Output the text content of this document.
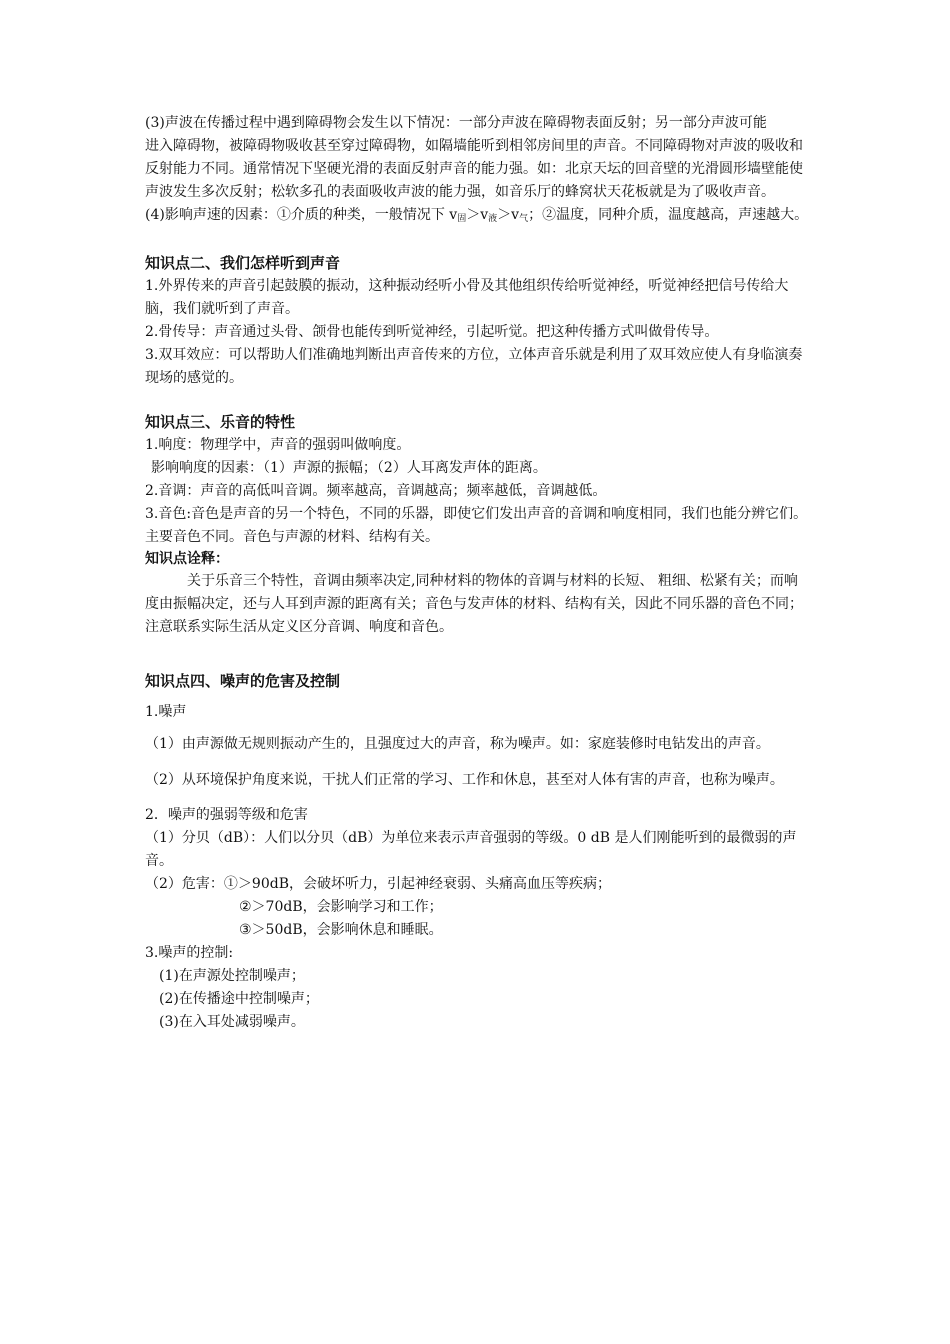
(3)声波在传播过程中遇到障碍物会发生以下情况：一部分声波在障碍物表面反射；另一部分声波可能

进入障碍物，被障碍物吸收甚至穿过障碍物，如隔墙能听到相邻房间里的声音。不同障碍物对声波的吸收和反射能力不同。通常情况下坚硬光滑的表面反射声音的能力强。如：北京天坛的回音壁的光滑圆形墙壁能使声波发生多次反射；松软多孔的表面吸收声波的能力强，如音乐厅的蜂窝状天花板就是为了吸收声音。

(4)影响声速的因素：①介质的种类，一般情况下 $v_固>v_液>v_气$；②温度，同种介质，温度越高，声速越大。

知识点二、我们怎样听到声音

1.外界传来的声音引起鼓膜的振动，这种振动经听小骨及其他组织传给听觉神经，听觉神经把信号传给大脑，我们就听到了声音。

2.骨传导：声音通过头骨、颌骨也能传到听觉神经，引起听觉。把这种传播方式叫做骨传导。

3.双耳效应：可以帮助人们准确地判断出声音传来的方位，立体声音乐就是利用了双耳效应使人有身临演奏现场的感觉的。

知识点三、乐音的特性

1.响度：物理学中，声音的强弱叫做响度。

影响响度的因素：（1）声源的振幅；（2）人耳离发声体的距离。

2.音调：声音的高低叫音调。频率越高，音调越高；频率越低，音调越低。

3.音色:音色是声音的另一个特色，不同的乐器，即使它们发出声音的音调和响度相同，我们也能分辨它们。主要音色不同。音色与声源的材料、结构有关。

知识点诠释：

关于乐音三个特性，音调由频率决定,同种材料的物体的音调与材料的长短、 粗细、松紧有关；而响度由振幅决定，还与人耳到声源的距离有关；音色与发声体的材料、结构有关，因此不同乐器的音色不同；注意联系实际生活从定义区分音调、响度和音色。

知识点四、噪声的危害及控制

1.噪声

（1）由声源做无规则振动产生的，且强度过大的声音，称为噪声。如：家庭装修时电钻发出的声音。

（2）从环境保护角度来说，干扰人们正常的学习、工作和休息，甚至对人体有害的声音，也称为噪声。

2．噪声的强弱等级和危害

（1）分贝（dB）：人们以分贝（dB）为单位来表示声音强弱的等级。0 dB 是人们刚能听到的最微弱的声音。

（2）危害：①＞90dB，会破坏听力，引起神经衰弱、头痛高血压等疾病；

②＞70dB，会影响学习和工作；

③＞50dB，会影响休息和睡眠。

3.噪声的控制:

(1)在声源处控制噪声；

(2)在传播途中控制噪声；

(3)在入耳处减弱噪声。
